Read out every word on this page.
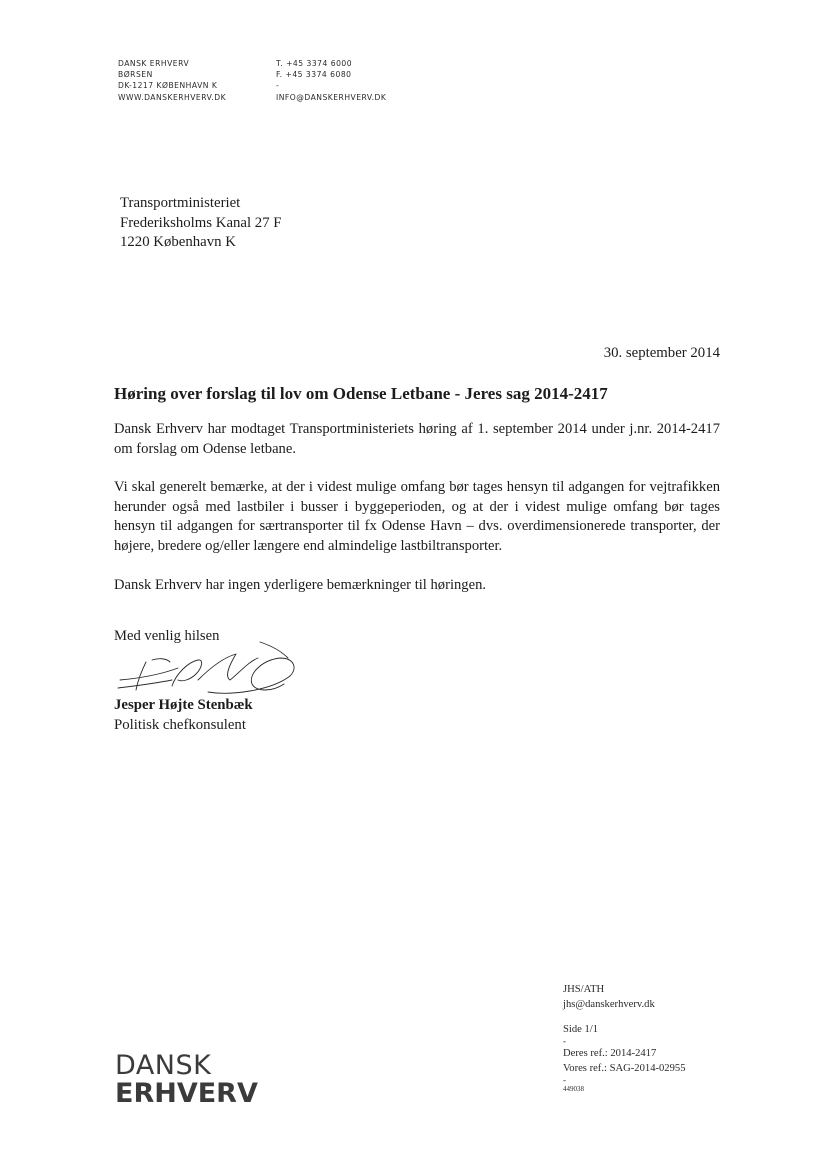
DANSK ERHVERV
BØRSEN
DK-1217 KØBENHAVN K
WWW.DANSKERHVERV.DK
T. +45 3374 6000
F. +45 3374 6080
-
INFO@DANSKERHVERV.DK
Transportministeriet
Frederiksholms Kanal 27 F
1220 København K
30. september 2014
Høring over forslag til lov om Odense Letbane - Jeres sag 2014-2417

Dansk Erhverv har modtaget Transportministeriets høring af 1. september 2014 under j.nr. 2014-2417 om forslag om Odense letbane.

Vi skal generelt bemærke, at der i videst mulige omfang bør tages hensyn til adgangen for vejtrafikken herunder også med lastbiler i busser i byggeperioden, og at der i videst mulige omfang bør tages hensyn til adgangen for særtransporter til fx Odense Havn – dvs. overdimensionerede transporter, der højere, bredere og/eller længere end almindelige lastbiltransporter.

Dansk Erhverv har ingen yderligere bemærkninger til høringen.

Med venlig hilsen
Jesper Højte Stenbæk
Politisk chefkonsulent
JHS/ATH
jhs@danskerhverv.dk
Side 1/1
-
Deres ref.: 2014-2417
Vores ref.: SAG-2014-02955
-
449038
DANSK
ERHVERV
